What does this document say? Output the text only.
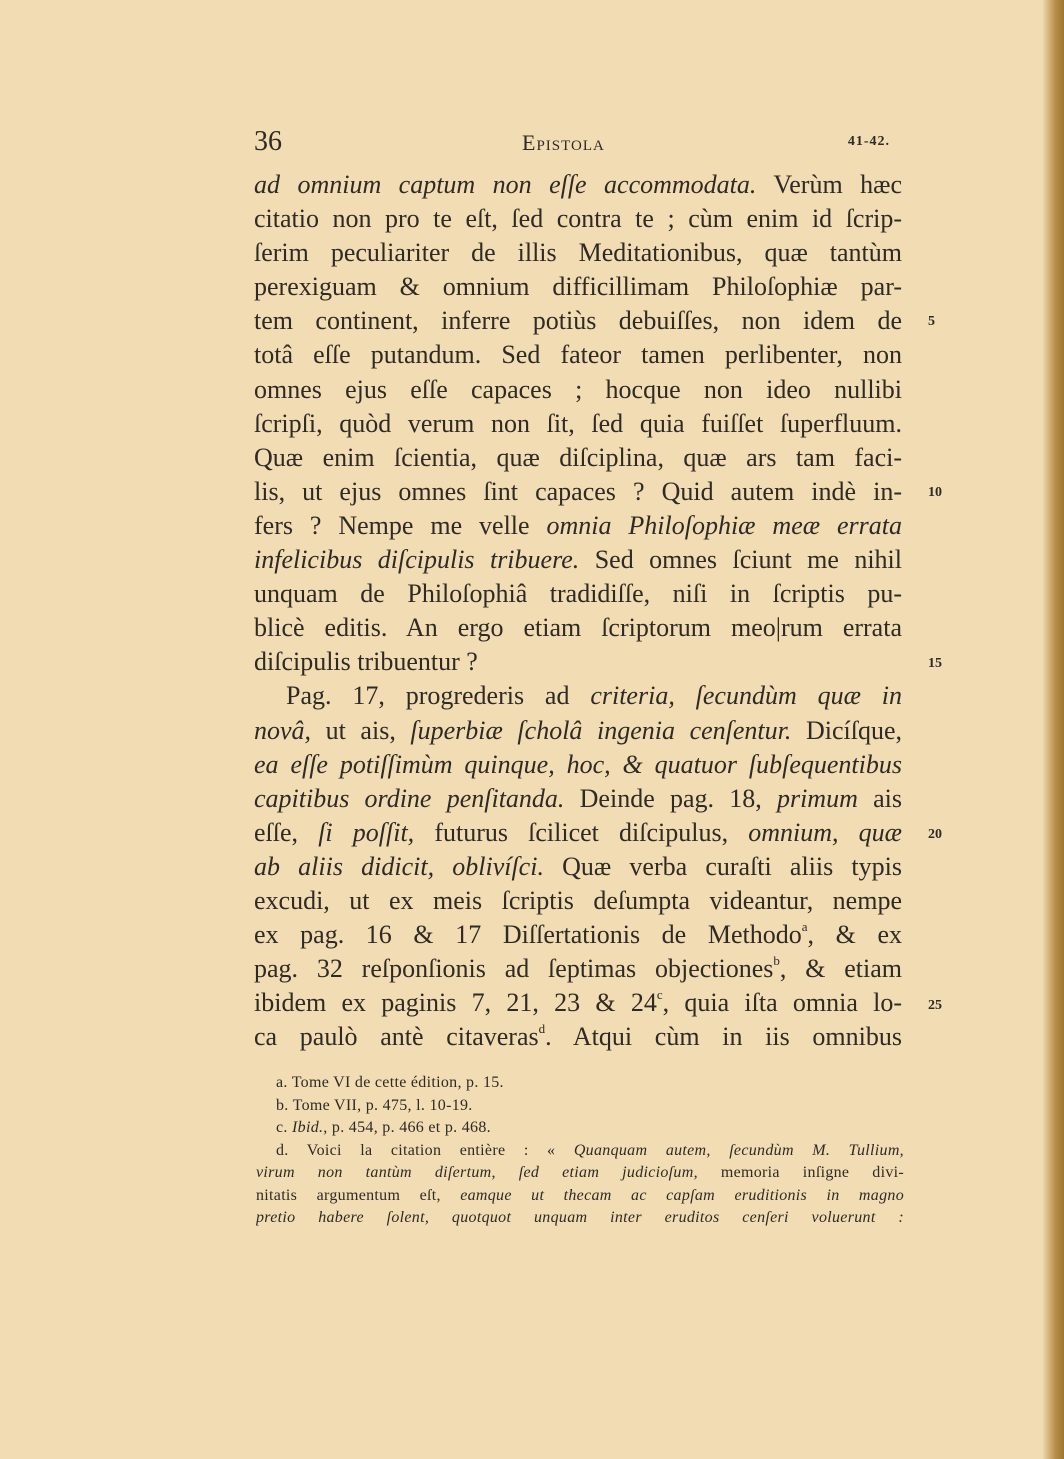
36	Epistola	41-42.
ad omnium captum non eſſe accommodata. Verùm hæc
citatio non pro te eſt, ſed contra te ; cùm enim id ſcrip-
ſerim peculiariter de illis Meditationibus, quæ tantùm
perexiguam & omnium difficillimam Philoſophiæ par-
tem continent, inferre potiùs debuiſſes, non idem de
totâ eſſe putandum. Sed fateor tamen perlibenter, non
omnes ejus eſſe capaces ; hocque non ideo nullibi
ſcripſi, quòd verum non ſit, ſed quia fuiſſet ſuperfluum.
Quæ enim ſcientia, quæ diſciplina, quæ ars tam faci-
lis, ut ejus omnes ſint capaces ? Quid autem indè in-
fers ? Nempe me velle omnia Philoſophiæ meæ errata
infelicibus diſcipulis tribuere. Sed omnes ſciunt me nihil
unquam de Philoſophiâ tradidiſſe, niſi in ſcriptis pu-
blicè editis. An ergo etiam ſcriptorum meo|rum errata
diſcipulis tribuentur ?
Pag. 17, progrederis ad criteria, ſecundùm quæ in
novâ, ut ais, ſuperbiæ ſcholâ ingenia cenſentur. Dicíſque,
ea eſſe potiſſimùm quinque, hoc, & quatuor ſubſequentibus
capitibus ordine penſitanda. Deinde pag. 18, primum ais
eſſe, ſi poſſit, futurus ſcilicet diſcipulus, omnium, quæ
ab aliis didicit, oblivíſci. Quæ verba curaſti aliis typis
excudi, ut ex meis ſcriptis deſumpta videantur, nempe
ex pag. 16 & 17 Diſſertationis de Methodo$^a$, & ex
pag. 32 reſponſionis ad ſeptimas objectiones$^b$, & etiam
ibidem ex paginis 7, 21, 23 & 24$^c$, quia iſta omnia lo-
ca paulò antè citaveras$^d$. Atqui cùm in iis omnibus
5
10
15
20
25
a. Tome VI de cette édition, p. 15.
b. Tome VII, p. 475, l. 10-19.
c. Ibid., p. 454, p. 466 et p. 468.
d. Voici la citation entière : « Quanquam autem, ſecundùm M. Tullium,
virum non tantùm diſertum, ſed etiam judicioſum, memoria inſigne divi-
nitatis argumentum eſt, eamque ut thecam ac capſam eruditionis in magno
pretio habere ſolent, quotquot unquam inter eruditos cenſeri voluerunt :
